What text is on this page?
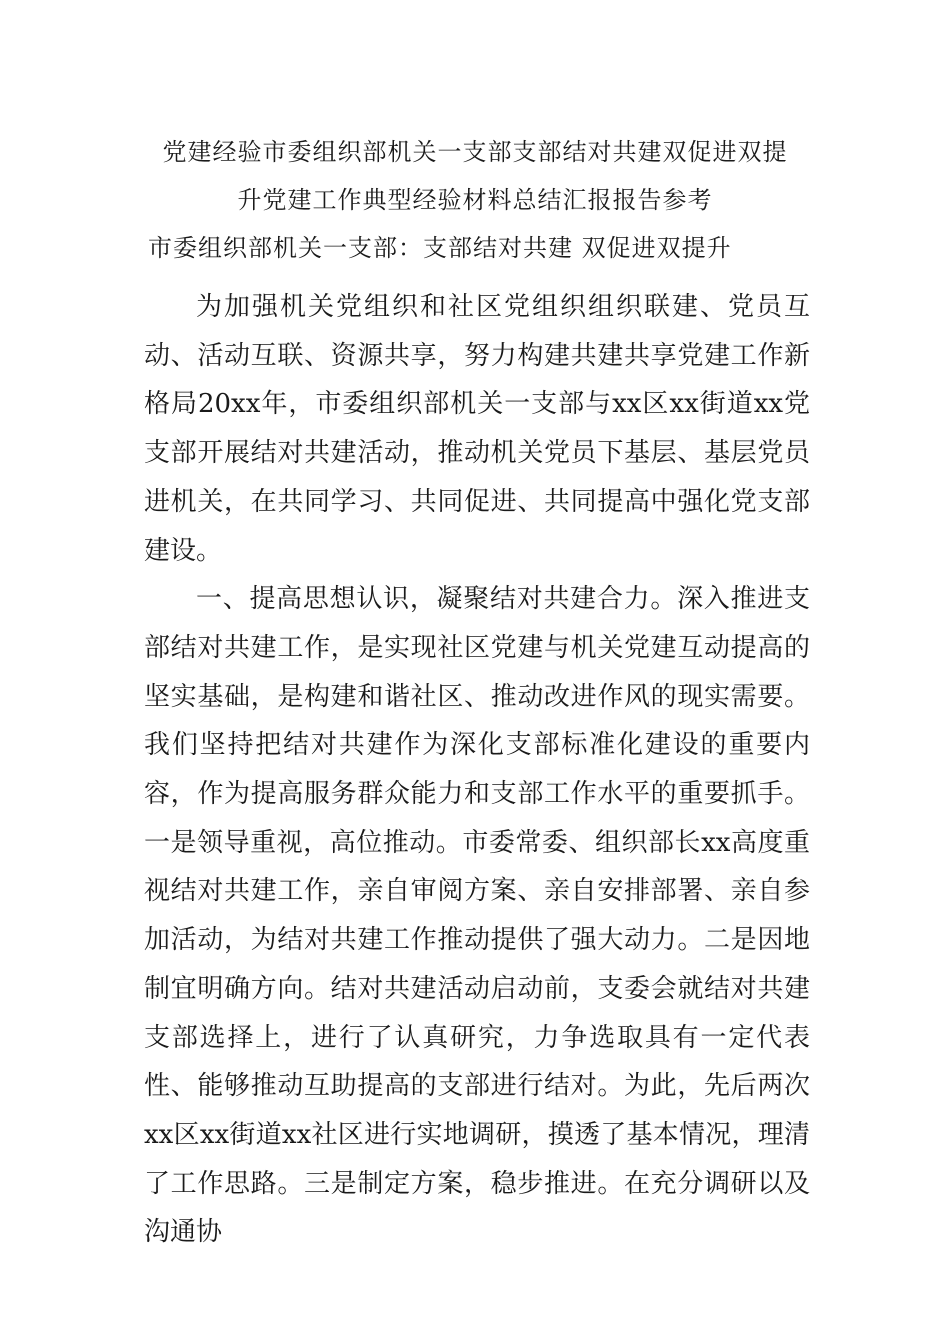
党建经验市委组织部机关一支部支部结对共建双促进双提
升党建工作典型经验材料总结汇报报告参考
市委组织部机关一支部：支部结对共建 双促进双提升

为加强机关党组织和社区党组织组织联建、党员互动、活动互联、资源共享，努力构建共建共享党建工作新格局20xx年，市委组织部机关一支部与xx区xx街道xx党支部开展结对共建活动，推动机关党员下基层、基层党员进机关，在共同学习、共同促进、共同提高中强化党支部建设。

一、提高思想认识，凝聚结对共建合力。深入推进支部结对共建工作，是实现社区党建与机关党建互动提高的坚实基础，是构建和谐社区、推动改进作风的现实需要。我们坚持把结对共建作为深化支部标准化建设的重要内容，作为提高服务群众能力和支部工作水平的重要抓手。一是领导重视，高位推动。市委常委、组织部长xx高度重视结对共建工作，亲自审阅方案、亲自安排部署、亲自参加活动，为结对共建工作推动提供了强大动力。二是因地制宜明确方向。结对共建活动启动前，支委会就结对共建支部选择上，进行了认真研究，力争选取具有一定代表性、能够推动互助提高的支部进行结对。为此，先后两次xx区xx街道xx社区进行实地调研，摸透了基本情况，理清了工作思路。三是制定方案，稳步推进。在充分调研以及沟通协
